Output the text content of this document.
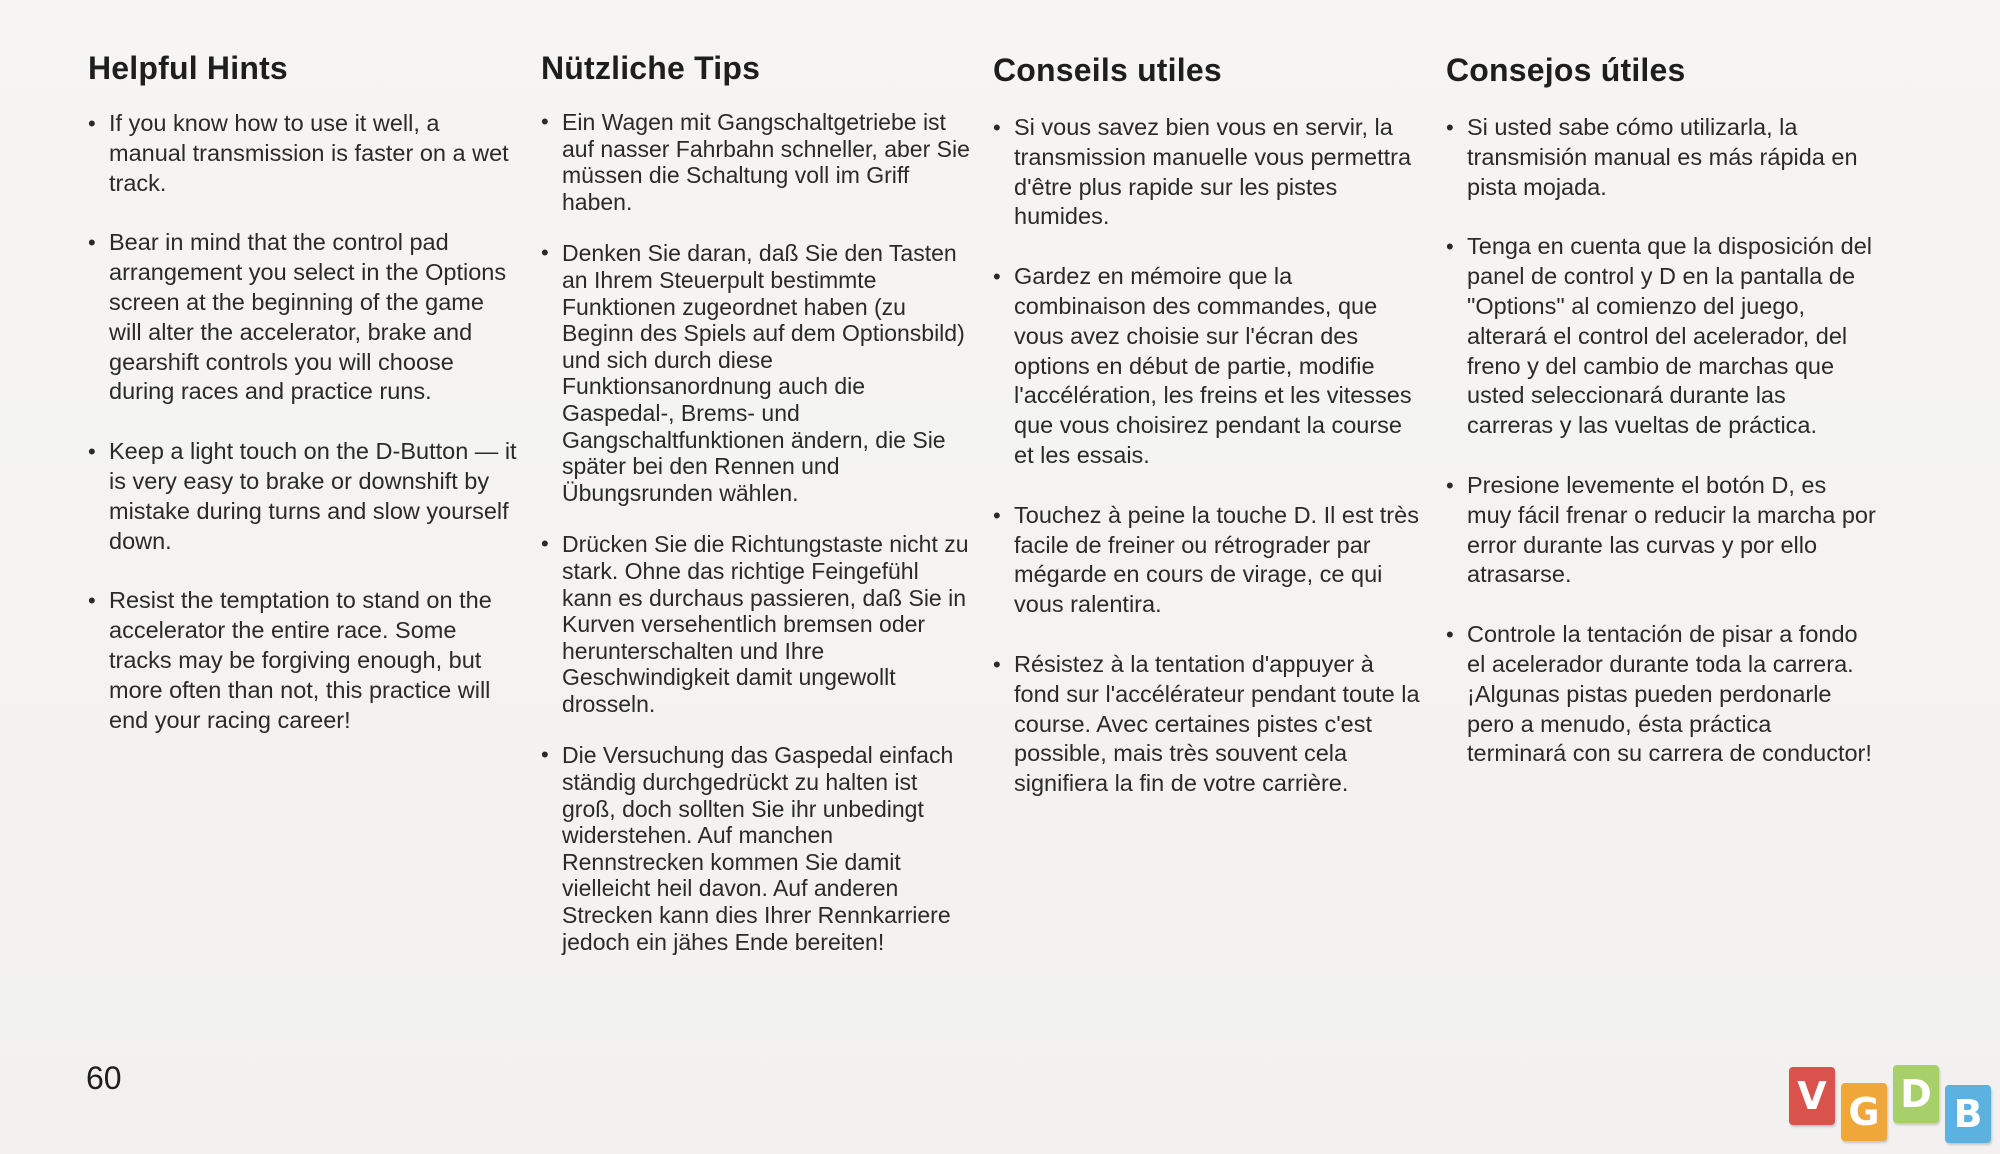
Helpful Hints
• If you know how to use it well, a manual transmission is faster on a wet track.
• Bear in mind that the control pad arrangement you select in the Options screen at the beginning of the game will alter the accelerator, brake and gearshift controls you will choose during races and practice runs.
• Keep a light touch on the D-Button — it is very easy to brake or downshift by mistake during turns and slow yourself down.
• Resist the temptation to stand on the accelerator the entire race. Some tracks may be forgiving enough, but more often than not, this practice will end your racing career!
Nützliche Tips
• Ein Wagen mit Gangschaltgetriebe ist auf nasser Fahrbahn schneller, aber Sie müssen die Schaltung voll im Griff haben.
• Denken Sie daran, daß Sie den Tasten an Ihrem Steuerpult bestimmte Funktionen zugeordnet haben (zu Beginn des Spiels auf dem Optionsbild) und sich durch diese Funktionsanordnung auch die Gaspedal-, Brems- und Gangschaltfunktionen ändern, die Sie später bei den Rennen und Übungsrunden wählen.
• Drücken Sie die Richtungstaste nicht zu stark. Ohne das richtige Feingefühl kann es durchaus passieren, daß Sie in Kurven versehentlich bremsen oder herunterschalten und Ihre Geschwindigkeit damit ungewollt drosseln.
• Die Versuchung das Gaspedal einfach ständig durchgedrückt zu halten ist groß, doch sollten Sie ihr unbedingt widerstehen. Auf manchen Rennstrecken kommen Sie damit vielleicht heil davon. Auf anderen Strecken kann dies Ihrer Rennkarriere jedoch ein jähes Ende bereiten!
Conseils utiles
• Si vous savez bien vous en servir, la transmission manuelle vous permettra d'être plus rapide sur les pistes humides.
• Gardez en mémoire que la combinaison des commandes, que vous avez choisie sur l'écran des options en début de partie, modifie l'accélération, les freins et les vitesses que vous choisirez pendant la course et les essais.
• Touchez à peine la touche D. Il est très facile de freiner ou rétrograder par mégarde en cours de virage, ce qui vous ralentira.
• Résistez à la tentation d'appuyer à fond sur l'accélérateur pendant toute la course. Avec certaines pistes c'est possible, mais très souvent cela signifiera la fin de votre carrière.
Consejos útiles
• Si usted sabe cómo utilizarla, la transmisión manual es más rápida en pista mojada.
• Tenga en cuenta que la disposición del panel de control y D en la pantalla de "Options" al comienzo del juego, alterará el control del acelerador, del freno y del cambio de marchas que usted seleccionará durante las carreras y las vueltas de práctica.
• Presione levemente el botón D, es muy fácil frenar o reducir la marcha por error durante las curvas y por ello atrasarse.
• Controle la tentación de pisar a fondo el acelerador durante toda la carrera. ¡Algunas pistas pueden perdonarle pero a menudo, ésta práctica terminará con su carrera de conductor!
60	V G D B
